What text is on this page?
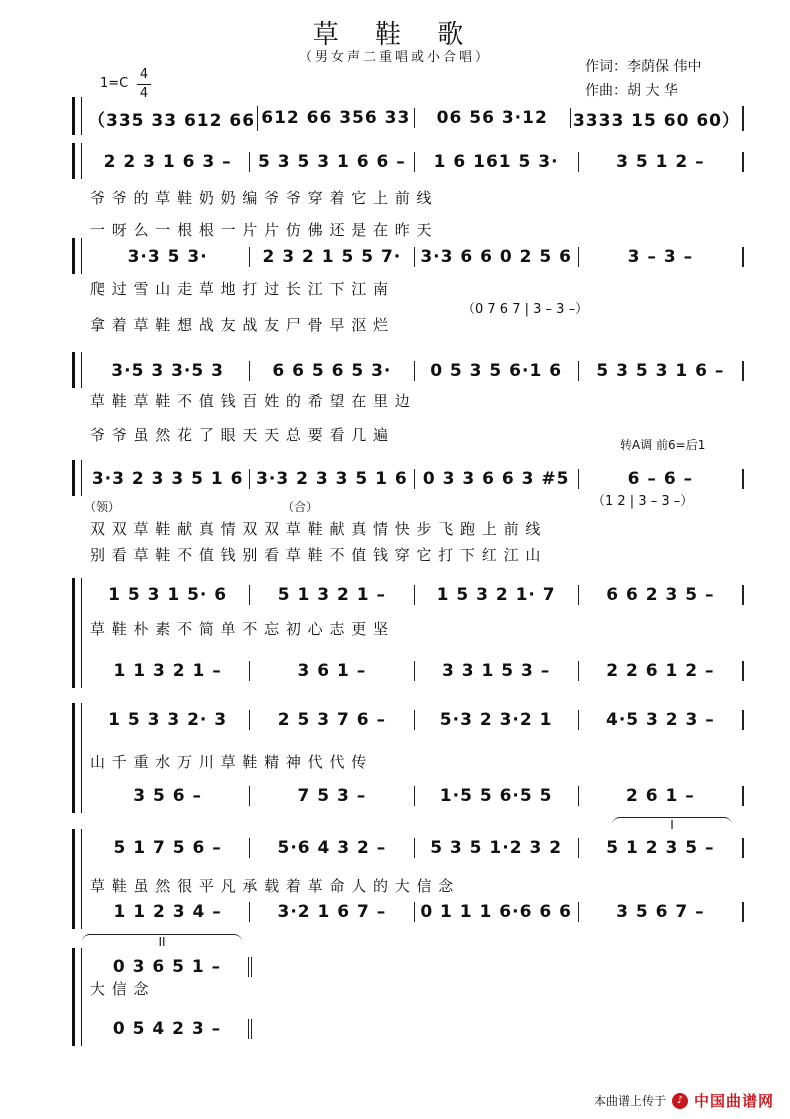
草 鞋 歌
（男女声二重唱或小合唱）
作词：李荫保 伟中
作曲：胡 大 华
1=C
4
4
（335 33 612 66 612 66 356 33	06 56 3·12	3333 15 60 60）
2 2 3 1 6 3 –	5 3 5 3 1 6 6 –	1 6 161 5 3·	3 5 1 2 –
爷 爷 的 草 鞋 奶 奶 编 爷 爷 穿 着 它 上 前 线
一 呀 么 一 根 根 一 片 片 仿 佛 还 是 在 昨 天
3·3 5 3·	2 3 2 1 5 5 7·	3·3 6 6 0 2 5 6	3 – 3 –
爬 过 雪 山 走 草 地 打 过 长 江 下 江 南
拿 着 草 鞋 想 战 友 战 友 尸 骨 早 沤 烂
（0 7 6 7 | 3 – 3 –）
3·5 3 3·5 3	6 6 5 6 5 3·	0 5 3 5 6·1 6	5 3 5 3 1 6 –
草 鞋 草 鞋 不 值 钱 百 姓 的 希 望 在 里 边
爷 爷 虽 然 花 了 眼 天 天 总 要 看 几 遍
3·3 2 3 3 5 1 6 3·3 2 3 3 5 1 6 0 3 3 6 6 3 #5	6 – 6 –
双 双 草 鞋 献 真 情 双 双 草 鞋 献 真 情 快 步 飞 跑 上 前 线
别 看 草 鞋 不 值 钱 别 看 草 鞋 不 值 钱 穿 它 打 下 红 江 山
转A调 前6=后1
（领）	（合）	（1 2 | 3 – 3 –）
1 5 3 1 5· 6	5 1 3 2 1 –	1 5 3 2 1· 7	6 6 2 3 5 –
1 1 3 2 1 –	3 6 1 –	3 3 1 5 3 –	2 2 6 1 2 –
草 鞋 朴 素 不 简 单 不 忘 初 心 志 更 坚
1 5 3 3 2· 3	2 5 3 7 6 –	5·3 2 3·2 1	4·5 3 2 3 –
3 5 6 –	7 5 3 –	1·5 5 6·5 5	2 6 1 –
山 千 重 水 万 川 草 鞋 精 神 代 代 传
5 1 7 5 6 –	5·6 4 3 2 –	5 3 5 1·2 3 2	5 1 2 3 5 –
1 1 2 3 4 –	3·2 1 6 7 –	0 1 1 1 6·6 6 6	3 5 6 7 –
草 鞋 虽 然 很 平 凡 承 载 着 革 命 人 的 大 信 念
I
0 3 6 5 1 –
0 5 4 2 3 –
大 信 念
II
本曲谱上传于	♪ 中国曲谱网
